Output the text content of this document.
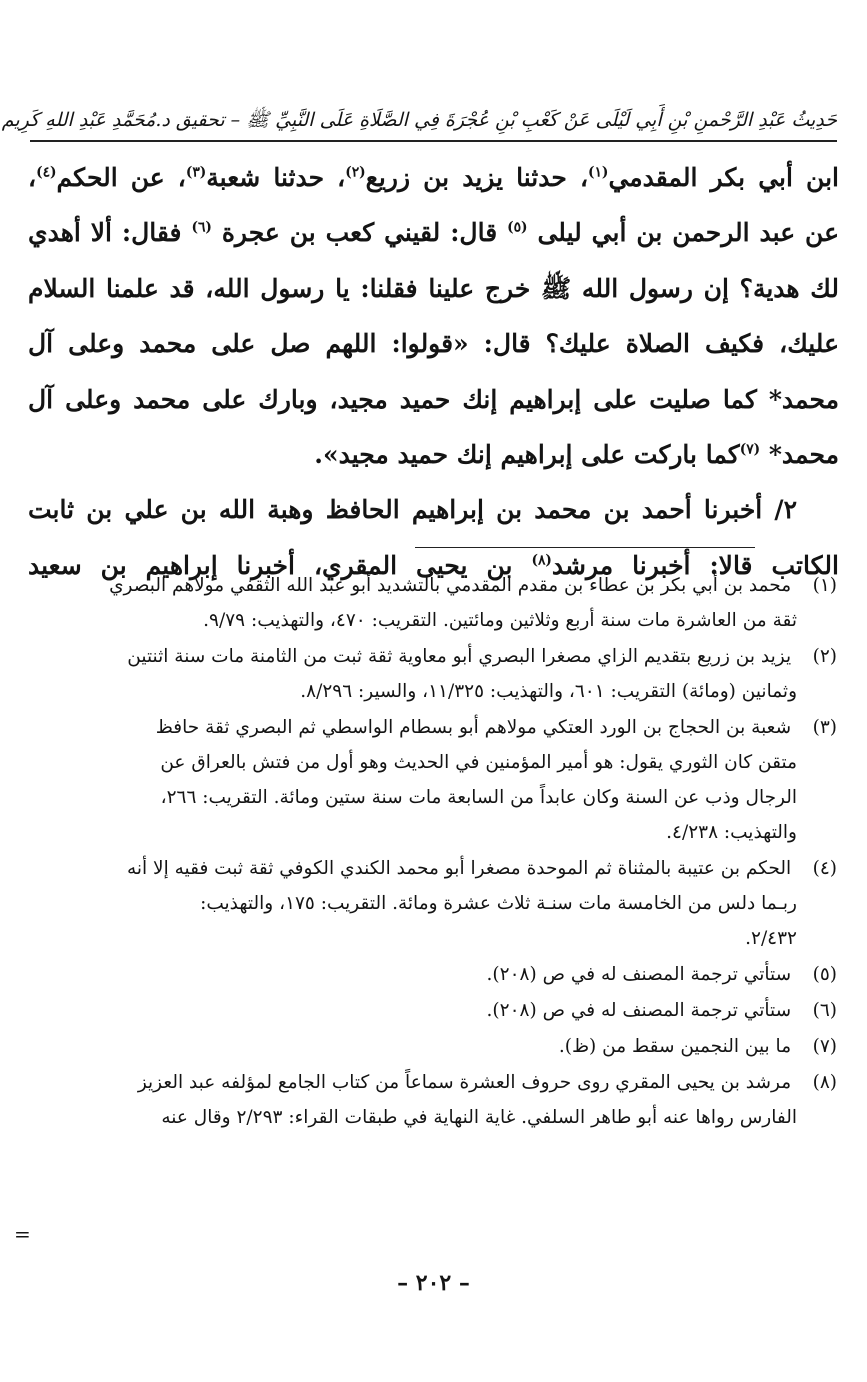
حَدِيثُ عَبْدِ الرَّحْمنِ بْنِ أَبِي لَيْلَى عَنْ كَعْبِ بْنِ عُجْرَةَ فِي الصَّلَاةِ عَلَى النَّبِيِّ ﷺ – تحقيق د.مُحَمَّدِ عَبْدِ اللهِ كَرِيم

ابن أبي بكر المقدمي$^{(١)}$، حدثنا يزيد بن زريع$^{(٢)}$، حدثنا شعبة$^{(٣)}$، عن الحكم$^{(٤)}$،

عن عبد الرحمن بن أبي ليلى $^{(٥)}$ قال: لقيني كعب بن عجرة $^{(٦)}$ فقال: ألا أهدي

لك هدية؟ إن رسول الله ﷺ خرج علينا فقلنا: يا رسول الله، قد علمنا السلام

عليك، فكيف الصلاة عليك؟ قال: «قولوا: اللهم صل على محمد وعلى آل

محمد* كما صليت على إبراهيم إنك حميد مجيد، وبارك على محمد وعلى آل

محمد* $^{(٧)}$كما باركت على إبراهيم إنك حميد مجيد».

٢/ أخبرنا أحمد بن محمد بن إبراهيم الحافظ وهبة الله بن علي بن ثابت

الكاتب قالا: أخبرنا مرشد$^{(٨)}$ بن يحيى المقري، أخبرنا إبراهيم بن سعيد

(١) محمد بن أبي بكر بن عطاء بن مقدم المقدمي بالتشديد أبو عبد الله الثقفي مولاهم البصري

ثقة من العاشرة مات سنة أربع وثلاثين ومائتين. التقريب: ٤٧٠، والتهذيب: ٩/٧٩.

(٢) يزيد بن زريع بتقديم الزاي مصغرا البصري أبو معاوية ثقة ثبت من الثامنة مات سنة اثنتين

وثمانين (ومائة) التقريب: ٦٠١، والتهذيب: ١١/٣٢٥، والسير: ٨/٢٩٦.

(٣) شعبة بن الحجاج بن الورد العتكي مولاهم أبو بسطام الواسطي ثم البصري ثقة حافظ

متقن كان الثوري يقول: هو أمير المؤمنين في الحديث وهو أول من فتش بالعراق عن

الرجال وذب عن السنة وكان عابداً من السابعة مات سنة ستين ومائة. التقريب: ٢٦٦،

والتهذيب: ٤/٢٣٨.

(٤) الحكم بن عتيبة بالمثناة ثم الموحدة مصغرا أبو محمد الكندي الكوفي ثقة ثبت فقيه إلا أنه

ربـما دلس من الخامسة مات سنـة ثلاث عشرة ومائة. التقريب: ١٧٥، والتهذيب:

٢/٤٣٢.

(٥) ستأتي ترجمة المصنف له في ص (٢٠٨).

(٦) ستأتي ترجمة المصنف له في ص (٢٠٨).

(٧) ما بين النجمين سقط من (ظ).

(٨) مرشد بن يحيى المقري روى حروف العشرة سماعاً من كتاب الجامع لمؤلفه عبد العزيز

الفارس رواها عنه أبو طاهر السلفي. غاية النهاية في طبقات القراء: ٢/٢٩٣ وقال عنه

=
– ٢٠٢ –
